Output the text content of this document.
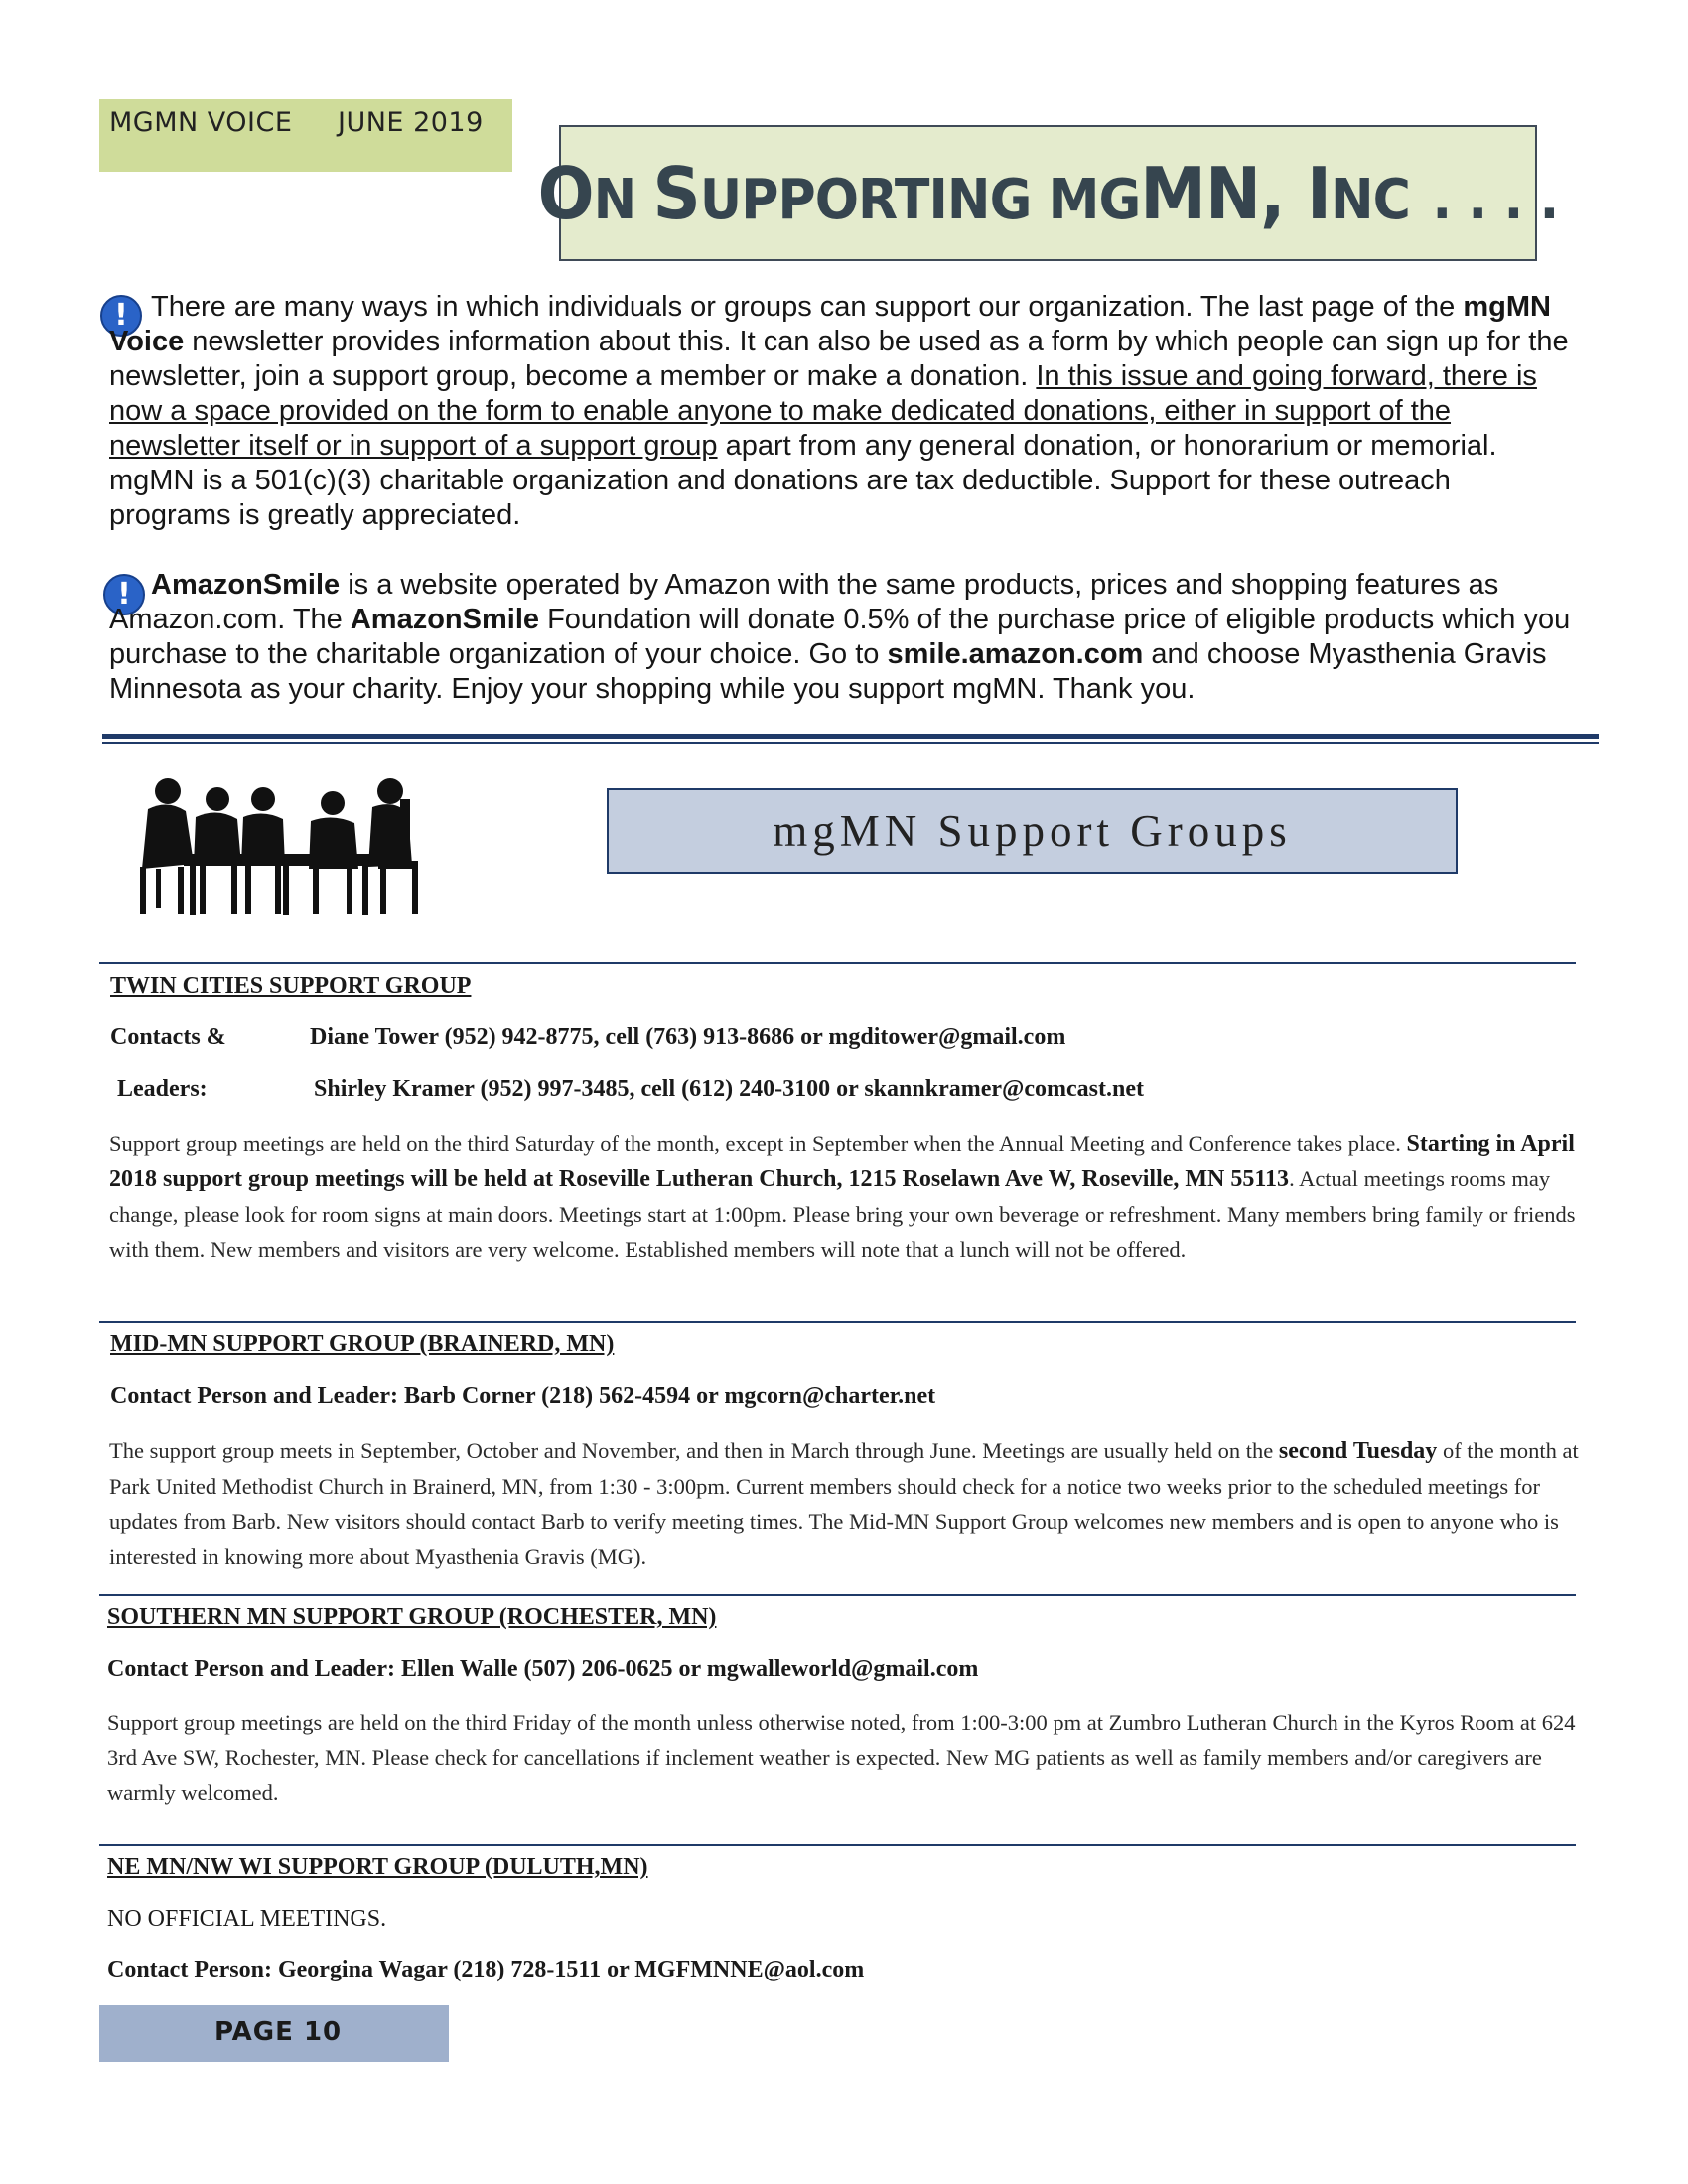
MGMN VOICE JUNE 2019
ON SUPPORTING MGMN, INC . . . .
! There are many ways in which individuals or groups can support our organization. The last page of the mgMN Voice newsletter provides information about this. It can also be used as a form by which people can sign up for the newsletter, join a support group, become a member or make a donation. In this issue and going forward, there is now a space provided on the form to enable anyone to make dedicated donations, either in support of the newsletter itself or in support of a support group apart from any general donation, or honorarium or memorial. mgMN is a 501(c)(3) charitable organization and donations are tax deductible. Support for these outreach programs is greatly appreciated.
! AmazonSmile is a website operated by Amazon with the same products, prices and shopping features as Amazon.com. The AmazonSmile Foundation will donate 0.5% of the purchase price of eligible products which you purchase to the charitable organization of your choice. Go to smile.amazon.com and choose Myasthenia Gravis Minnesota as your charity. Enjoy your shopping while you support mgMN. Thank you.
mgMN Support Groups
TWIN CITIES SUPPORT GROUP
Contacts &	Diane Tower (952) 942-8775, cell (763) 913-8686 or mgditower@gmail.com
Leaders:	Shirley Kramer (952) 997-3485, cell (612) 240-3100 or skannkramer@comcast.net
Support group meetings are held on the third Saturday of the month, except in September when the Annual Meeting and Conference takes place. Starting in April 2018 support group meetings will be held at Roseville Lutheran Church, 1215 Roselawn Ave W, Roseville, MN 55113. Actual meetings rooms may change, please look for room signs at main doors. Meetings start at 1:00pm. Please bring your own beverage or refreshment. Many members bring family or friends with them. New members and visitors are very welcome. Established members will note that a lunch will not be offered.
MID-MN SUPPORT GROUP (BRAINERD, MN)
Contact Person and Leader: Barb Corner (218) 562-4594 or mgcorn@charter.net
The support group meets in September, October and November, and then in March through June. Meetings are usually held on the second Tuesday of the month at Park United Methodist Church in Brainerd, MN, from 1:30 - 3:00pm. Current members should check for a notice two weeks prior to the scheduled meetings for updates from Barb. New visitors should contact Barb to verify meeting times. The Mid-MN Support Group welcomes new members and is open to anyone who is interested in knowing more about Myasthenia Gravis (MG).
SOUTHERN MN SUPPORT GROUP (ROCHESTER, MN)
Contact Person and Leader: Ellen Walle (507) 206-0625 or mgwalleworld@gmail.com
Support group meetings are held on the third Friday of the month unless otherwise noted, from 1:00-3:00 pm at Zumbro Lutheran Church in the Kyros Room at 624 3rd Ave SW, Rochester, MN. Please check for cancellations if inclement weather is expected. New MG patients as well as family members and/or caregivers are warmly welcomed.
NE MN/NW WI SUPPORT GROUP (DULUTH,MN)
NO OFFICIAL MEETINGS.
Contact Person: Georgina Wagar (218) 728-1511 or MGFMNNE@aol.com
PAGE 10
